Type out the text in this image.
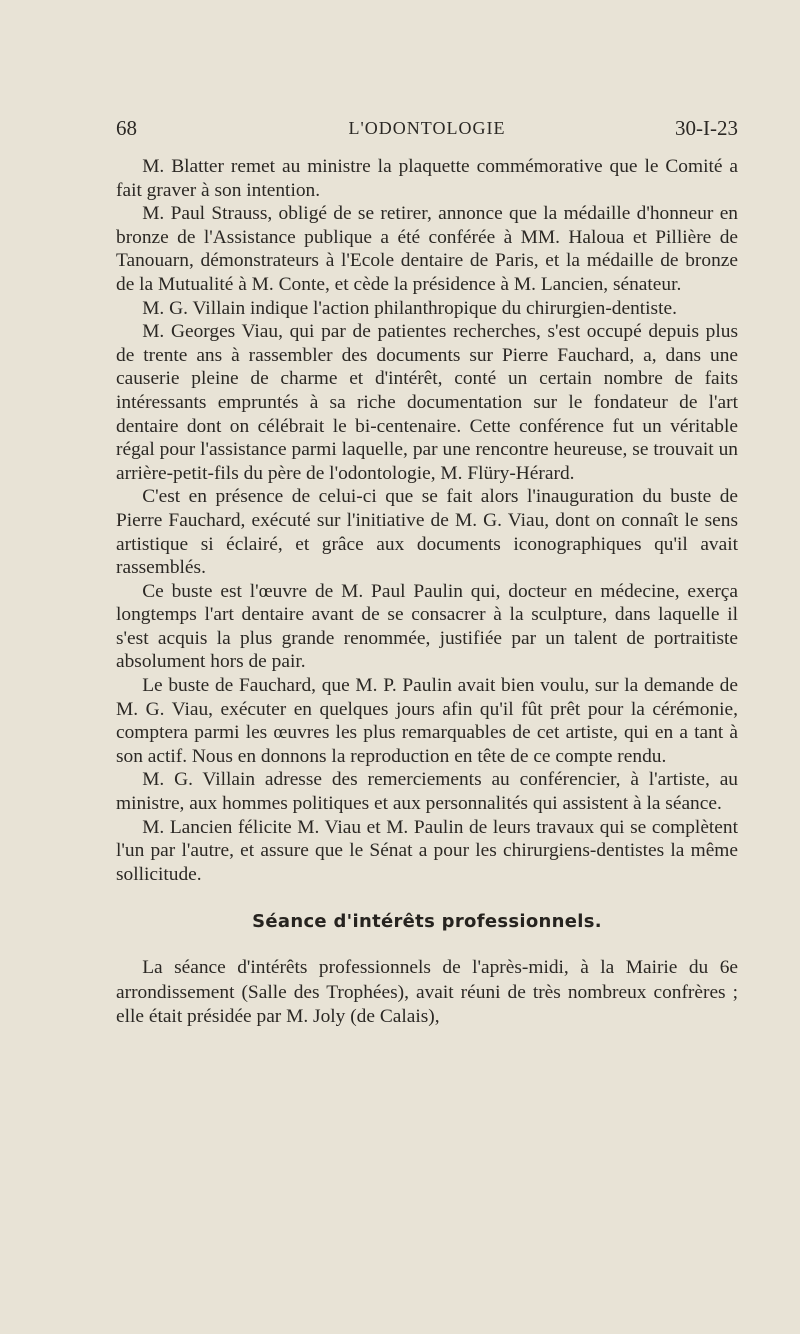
68	L'ODONTOLOGIE	30-I-23

M. Blatter remet au ministre la plaquette commémorative que le Comité a fait graver à son intention.

M. Paul Strauss, obligé de se retirer, annonce que la médaille d'honneur en bronze de l'Assistance publique a été conférée à MM. Haloua et Pillière de Tanouarn, démonstrateurs à l'Ecole dentaire de Paris, et la médaille de bronze de la Mutualité à M. Conte, et cède la présidence à M. Lancien, sénateur.

M. G. Villain indique l'action philanthropique du chirurgien-dentiste.

M. Georges Viau, qui par de patientes recherches, s'est occupé depuis plus de trente ans à rassembler des documents sur Pierre Fauchard, a, dans une causerie pleine de charme et d'intérêt, conté un certain nombre de faits intéressants empruntés à sa riche documentation sur le fondateur de l'art dentaire dont on célébrait le bi-centenaire. Cette conférence fut un véritable régal pour l'assistance parmi laquelle, par une rencontre heureuse, se trouvait un arrière-petit-fils du père de l'odontologie, M. Flüry-Hérard.

C'est en présence de celui-ci que se fait alors l'inauguration du buste de Pierre Fauchard, exécuté sur l'initiative de M. G. Viau, dont on connaît le sens artistique si éclairé, et grâce aux documents iconographiques qu'il avait rassemblés.

Ce buste est l'œuvre de M. Paul Paulin qui, docteur en médecine, exerça longtemps l'art dentaire avant de se consacrer à la sculpture, dans laquelle il s'est acquis la plus grande renommée, justifiée par un talent de portraitiste absolument hors de pair.

Le buste de Fauchard, que M. P. Paulin avait bien voulu, sur la demande de M. G. Viau, exécuter en quelques jours afin qu'il fût prêt pour la cérémonie, comptera parmi les œuvres les plus remarquables de cet artiste, qui en a tant à son actif. Nous en donnons la reproduction en tête de ce compte rendu.

M. G. Villain adresse des remerciements au conférencier, à l'artiste, au ministre, aux hommes politiques et aux personnalités qui assistent à la séance.

M. Lancien félicite M. Viau et M. Paulin de leurs travaux qui se complètent l'un par l'autre, et assure que le Sénat a pour les chirurgiens-dentistes la même sollicitude.

Séance d'intérêts professionnels.

La séance d'intérêts professionnels de l'après-midi, à la Mairie du 6e arrondissement (Salle des Trophées), avait réuni de très nombreux confrères ; elle était présidée par M. Joly (de Calais),
